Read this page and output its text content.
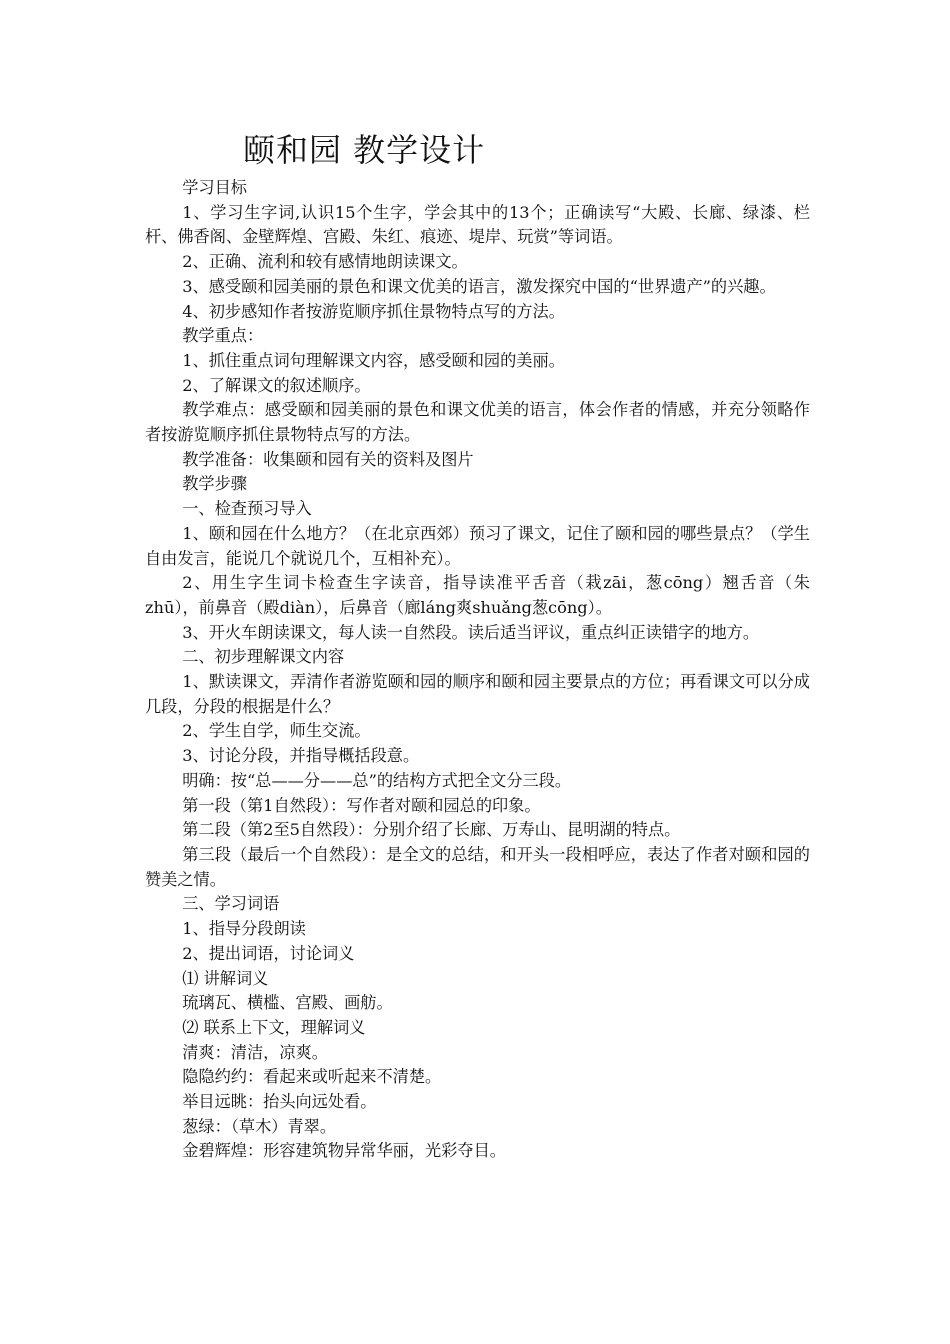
颐和园 教学设计

学习目标

1、学习生字词,认识15个生字，学会其中的13个；正确读写“大殿、长廊、绿漆、栏杆、佛香阁、金壁辉煌、宫殿、朱红、痕迹、堤岸、玩赏”等词语。

2、正确、流利和较有感情地朗读课文。

3、感受颐和园美丽的景色和课文优美的语言，激发探究中国的“世界遗产”的兴趣。

4、初步感知作者按游览顺序抓住景物特点写的方法。

教学重点：

1、抓住重点词句理解课文内容，感受颐和园的美丽。

2、了解课文的叙述顺序。

教学难点：感受颐和园美丽的景色和课文优美的语言，体会作者的情感，并充分领略作者按游览顺序抓住景物特点写的方法。

教学准备：收集颐和园有关的资料及图片

教学步骤

一、检查预习导入

1、颐和园在什么地方？（在北京西郊）预习了课文，记住了颐和园的哪些景点？（学生自由发言，能说几个就说几个，互相补充）。

2、用生字生词卡检查生字读音，指导读准平舌音（栽zāi，葱cōng）翘舌音（朱zhū），前鼻音（殿diàn），后鼻音（廊láng爽shuǎng葱cōng）。

3、开火车朗读课文，每人读一自然段。读后适当评议，重点纠正读错字的地方。

二、初步理解课文内容

1、默读课文，弄清作者游览颐和园的顺序和颐和园主要景点的方位；再看课文可以分成几段，分段的根据是什么？

2、学生自学，师生交流。

3、讨论分段，并指导概括段意。

明确：按“总——分——总”的结构方式把全文分三段。

第一段（第1自然段）：写作者对颐和园总的印象。

第二段（第2至5自然段）：分别介绍了长廊、万寿山、昆明湖的特点。

第三段（最后一个自然段）：是全文的总结，和开头一段相呼应，表达了作者对颐和园的赞美之情。

三、学习词语

1、指导分段朗读

2、提出词语，讨论词义

⑴ 讲解词义

琉璃瓦、横槛、宫殿、画舫。

⑵ 联系上下文，理解词义

清爽：清洁，凉爽。

隐隐约约：看起来或听起来不清楚。

举目远眺：抬头向远处看。

葱绿：（草木）青翠。

金碧辉煌：形容建筑物异常华丽，光彩夺目。
